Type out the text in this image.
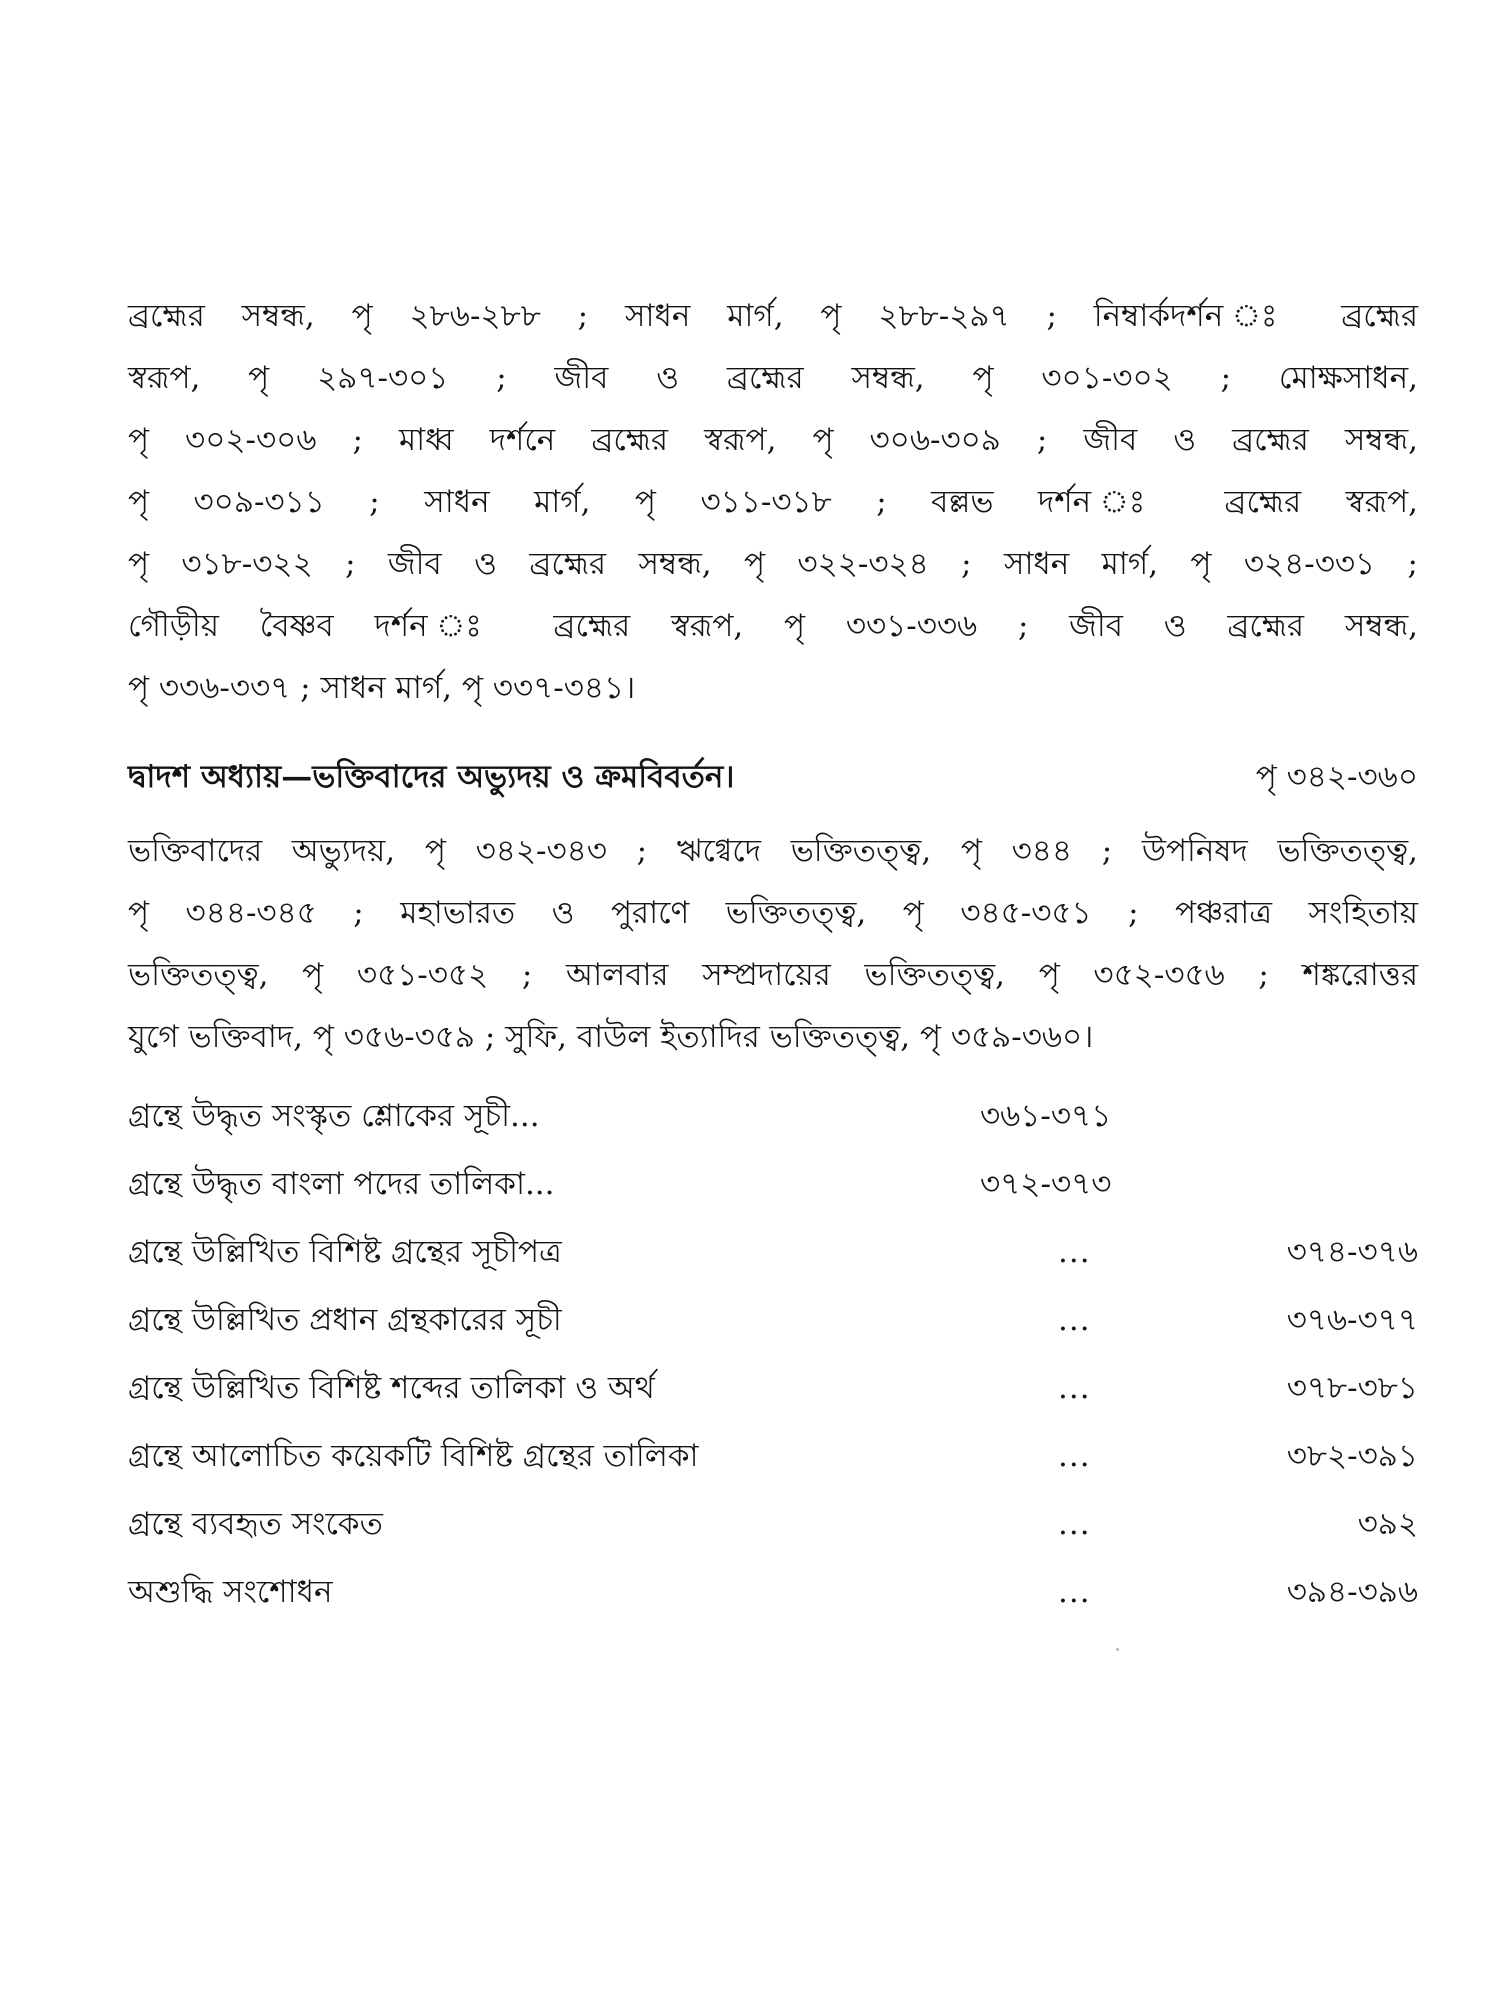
ব্রহ্মের সম্বন্ধ, পৃ ২৮৬-২৮৮ ; সাধন মার্গ, পৃ ২৮৮-২৯৭ ; নিম্বার্কদর্শন ঃ ব্রহ্মের
স্বরূপ, পৃ ২৯৭-৩০১ ; জীব ও ব্রহ্মের সম্বন্ধ, পৃ ৩০১-৩০২ ; মোক্ষসাধন,
পৃ ৩০২-৩০৬ ; মাধ্ব দর্শনে ব্রহ্মের স্বরূপ, পৃ ৩০৬-৩০৯ ; জীব ও ব্রহ্মের সম্বন্ধ,
পৃ ৩০৯-৩১১ ; সাধন মার্গ, পৃ ৩১১-৩১৮ ; বল্লভ দর্শন ঃ ব্রহ্মের স্বরূপ,
পৃ ৩১৮-৩২২ ; জীব ও ব্রহ্মের সম্বন্ধ, পৃ ৩২২-৩২৪ ; সাধন মার্গ, পৃ ৩২৪-৩৩১ ;
গৌড়ীয় বৈষ্ণব দর্শন ঃ ব্রহ্মের স্বরূপ, পৃ ৩৩১-৩৩৬ ; জীব ও ব্রহ্মের সম্বন্ধ,
পৃ ৩৩৬-৩৩৭ ; সাধন মার্গ, পৃ ৩৩৭-৩৪১।

দ্বাদশ অধ্যায়—ভক্তিবাদের অভ্যুদয় ও ক্রমবিবর্তন।	পৃ ৩৪২-৩৬০

ভক্তিবাদের অভ্যুদয়, পৃ ৩৪২-৩৪৩ ; ঋগ্বেদে ভক্তিতত্ত্ব, পৃ ৩৪৪ ; উপনিষদ ভক্তিতত্ত্ব,
পৃ ৩৪৪-৩৪৫ ; মহাভারত ও পুরাণে ভক্তিতত্ত্ব, পৃ ৩৪৫-৩৫১ ; পঞ্চরাত্র সংহিতায়
ভক্তিতত্ত্ব, পৃ ৩৫১-৩৫২ ; আলবার সম্প্রদায়ের ভক্তিতত্ত্ব, পৃ ৩৫২-৩৫৬ ; শঙ্করোত্তর
যুগে ভক্তিবাদ, পৃ ৩৫৬-৩৫৯ ; সুফি, বাউল ইত্যাদির ভক্তিতত্ত্ব, পৃ ৩৫৯-৩৬০।

গ্রন্থে উদ্ধৃত সংস্কৃত শ্লোকের সূচী...	৩৬১-৩৭১
গ্রন্থে উদ্ধৃত বাংলা পদের তালিকা...	৩৭২-৩৭৩
গ্রন্থে উল্লিখিত বিশিষ্ট গ্রন্থের সূচীপত্র	...	৩৭৪-৩৭৬
গ্রন্থে উল্লিখিত প্রধান গ্রন্থকারের সূচী	...	৩৭৬-৩৭৭
গ্রন্থে উল্লিখিত বিশিষ্ট শব্দের তালিকা ও অর্থ	...	৩৭৮-৩৮১
গ্রন্থে আলোচিত কয়েকটি বিশিষ্ট গ্রন্থের তালিকা	...	৩৮২-৩৯১
গ্রন্থে ব্যবহৃত সংকেত	...	৩৯২
অশুদ্ধি সংশোধন	...	৩৯৪-৩৯৬
